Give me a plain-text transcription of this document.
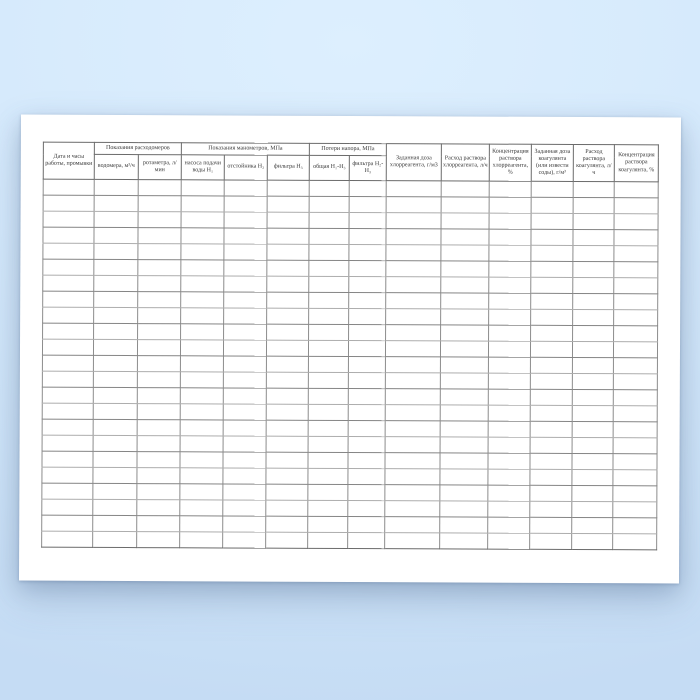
Дата и часы работы, промывки	Показания расходомеров		Показания манометров, МПа			Потери напора, МПа		Заданная доза хлорреагента, г/м3	Расход раствора хлорреагента, л/ч	Концентрация раствора хлорреагента, %	Заданная доза коагулянта (или извести соды), г/м³	Расход раствора коагулянта, л/ч	Концентрация раствора коагулянта, %
	водомера, м³/ч	ротаметра, л/мин	насоса подачи воды Н₁	отстойника Н₂	фильтра Н₃	общая Н₁-Н₃	фильтра Н₂-Н₃						
